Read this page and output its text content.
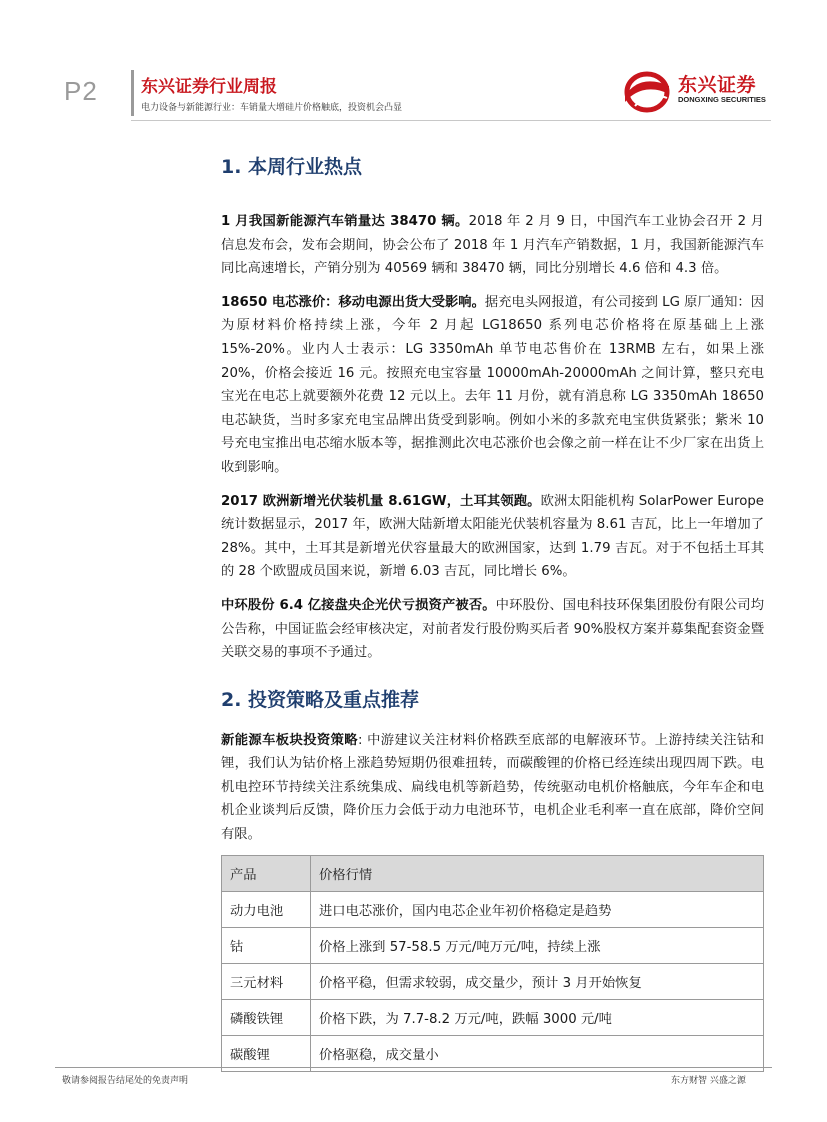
P2	东兴证券行业周报
电力设备与新能源行业：车销量大增硅片价格触底，投资机会凸显
东兴证券
DONGXING SECURITIES
1. 本周行业热点

1 月我国新能源汽车销量达 38470 辆。2018 年 2 月 9 日，中国汽车工业协会召开 2 月信息发布会，发布会期间，协会公布了 2018 年 1 月汽车产销数据，1 月，我国新能源汽车同比高速增长，产销分别为 40569 辆和 38470 辆，同比分别增长 4.6 倍和 4.3 倍。

18650 电芯涨价：移动电源出货大受影响。据充电头网报道，有公司接到 LG 原厂通知：因为原材料价格持续上涨，今年 2 月起 LG18650 系列电芯价格将在原基础上上涨 15%-20%。业内人士表示：LG 3350mAh 单节电芯售价在 13RMB 左右，如果上涨 20%，价格会接近 16 元。按照充电宝容量 10000mAh-20000mAh 之间计算，整只充电宝光在电芯上就要额外花费 12 元以上。去年 11 月份，就有消息称 LG 3350mAh 18650 电芯缺货，当时多家充电宝品牌出货受到影响。例如小米的多款充电宝供货紧张；紫米 10 号充电宝推出电芯缩水版本等，据推测此次电芯涨价也会像之前一样在让不少厂家在出货上收到影响。

2017 欧洲新增光伏装机量 8.61GW，土耳其领跑。欧洲太阳能机构 SolarPower Europe 统计数据显示，2017 年，欧洲大陆新增太阳能光伏装机容量为 8.61 吉瓦，比上一年增加了 28%。其中，土耳其是新增光伏容量最大的欧洲国家，达到 1.79 吉瓦。对于不包括土耳其的 28 个欧盟成员国来说，新增 6.03 吉瓦，同比增长 6%。

中环股份 6.4 亿接盘央企光伏亏损资产被否。中环股份、国电科技环保集团股份有限公司均公告称，中国证监会经审核决定，对前者发行股份购买后者 90%股权方案并募集配套资金暨关联交易的事项不予通过。

2. 投资策略及重点推荐

新能源车板块投资策略: 中游建议关注材料价格跌至底部的电解液环节。上游持续关注钴和锂，我们认为钴价格上涨趋势短期仍很难扭转，而碳酸锂的价格已经连续出现四周下跌。电机电控环节持续关注系统集成、扁线电机等新趋势，传统驱动电机价格触底，今年车企和电机企业谈判后反馈，降价压力会低于动力电池环节，电机企业毛利率一直在底部，降价空间有限。

产品	价格行情
动力电池	进口电芯涨价，国内电芯企业年初价格稳定是趋势
钴	价格上涨到 57-58.5 万元/吨万元/吨，持续上涨
三元材料	价格平稳，但需求较弱，成交量少，预计 3 月开始恢复
磷酸铁锂	价格下跌，为 7.7-8.2 万元/吨，跌幅 3000 元/吨
碳酸锂	价格驱稳，成交量小
敬请参阅报告结尾处的免责声明	东方财智 兴盛之源
